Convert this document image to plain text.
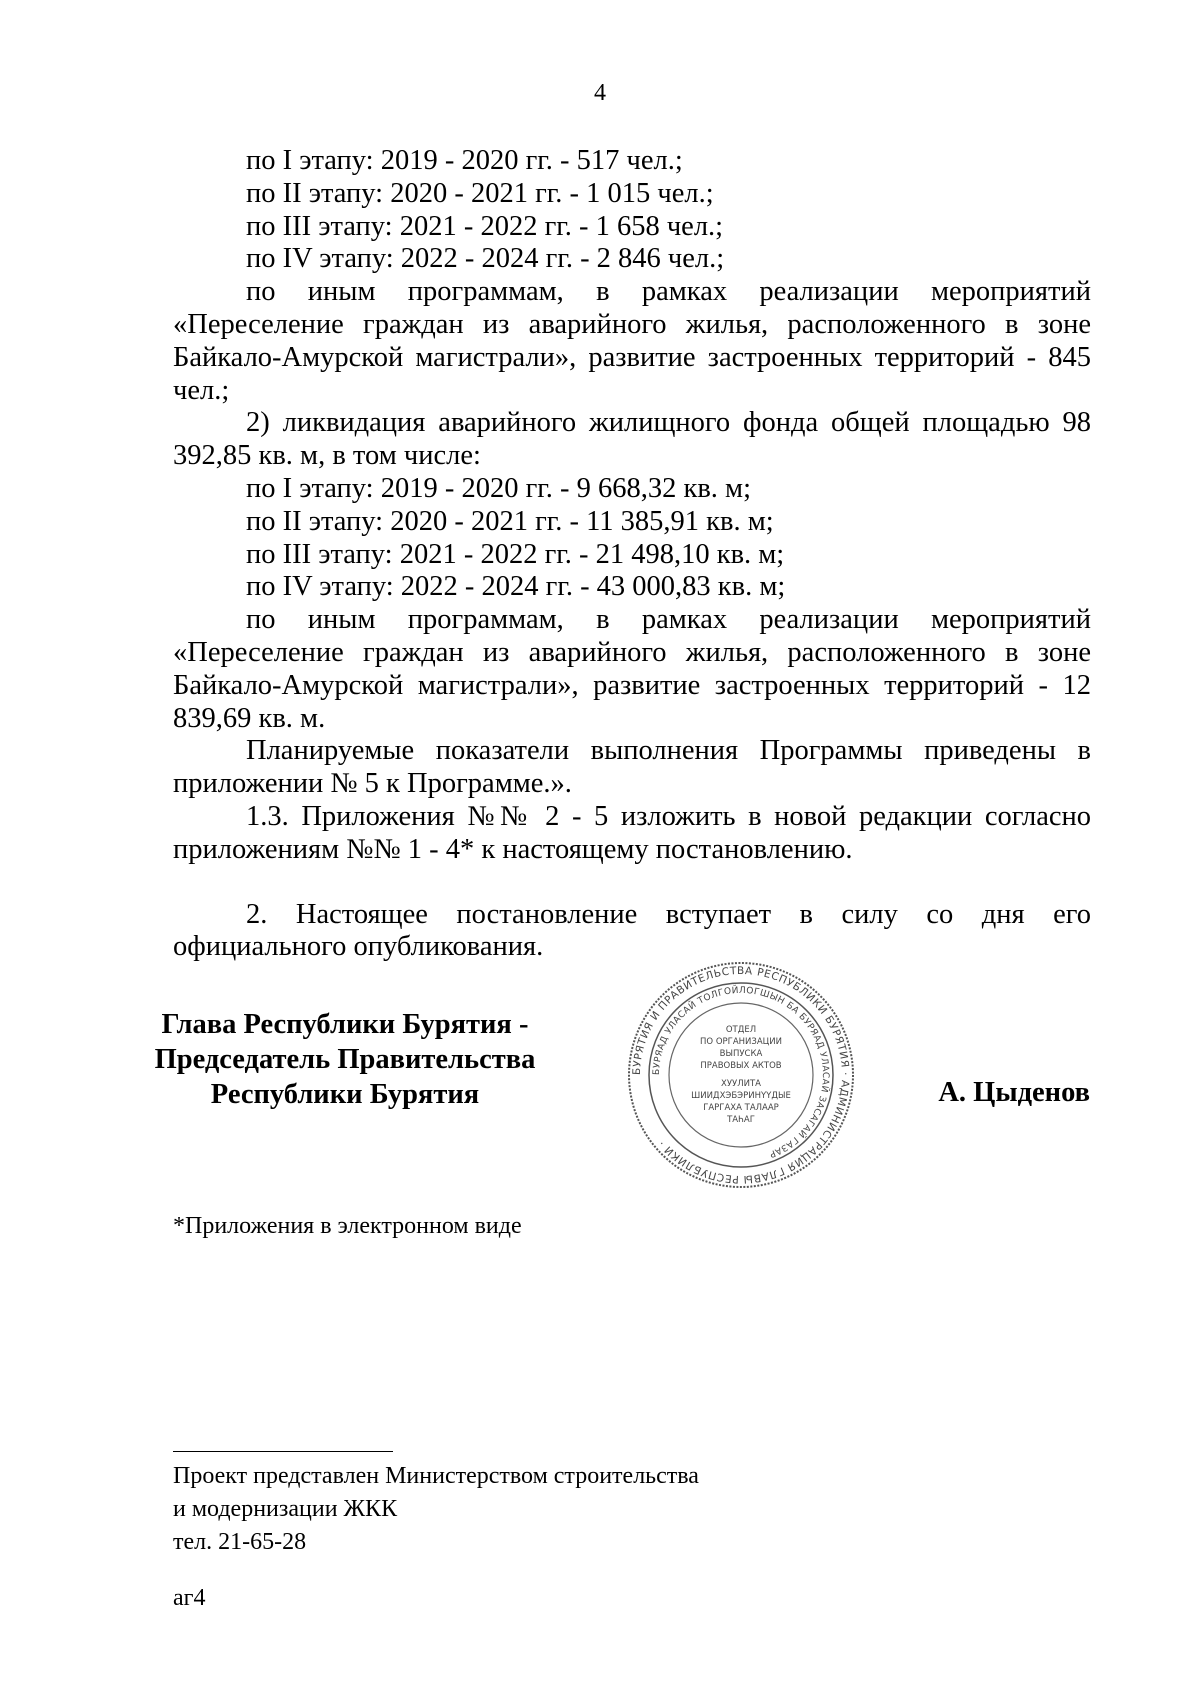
4

по I этапу: 2019 - 2020 гг. - 517 чел.;

по II этапу: 2020 - 2021 гг. - 1 015 чел.;

по III этапу: 2021 - 2022 гг. - 1 658 чел.;

по IV этапу: 2022 - 2024 гг. - 2 846 чел.;

по иным программам, в рамках реализации мероприятий «Переселение граждан из аварийного жилья, расположенного в зоне Байкало-Амурской магистрали», развитие застроенных территорий - 845 чел.;

2) ликвидация аварийного жилищного фонда общей площадью 98 392,85 кв. м, в том числе:

по I этапу: 2019 - 2020 гг. - 9 668,32 кв. м;

по II этапу: 2020 - 2021 гг. - 11 385,91 кв. м;

по III этапу: 2021 - 2022 гг. - 21 498,10 кв. м;

по IV этапу: 2022 - 2024 гг. - 43 000,83 кв. м;

по иным программам, в рамках реализации мероприятий «Переселение граждан из аварийного жилья, расположенного в зоне Байкало-Амурской магистрали», развитие застроенных территорий - 12 839,69 кв. м.

Планируемые показатели выполнения Программы приведены в приложении № 5 к Программе.».

1.3. Приложения №№ 2 - 5 изложить в новой редакции согласно приложениям №№ 1 - 4* к настоящему постановлению.

2. Настоящее постановление вступает в силу со дня его официального опубликования.

Глава Республики Бурятия -
Председатель Правительства
Республики Бурятия
БУРЯТИЯ И ПРАВИТЕЛЬСТВА РЕСПУБЛИКИ БУРЯТИЯ · АДМИНИСТРАЦИЯ ГЛАВЫ РЕСПУБЛИКИ ·
БУРЯАД УЛАСАЙ ТОЛГОЙЛОГШЫН БА БУРЯАД УЛАСАЙ ЗАСАГАЙ ГАЗАР
ОТДЕЛ
ПО ОРГАНИЗАЦИИ
ВЫПУСКА
ПРАВОВЫХ АКТОВ
ХУУЛИТА
ШИИДХЭБЭРИНҮҮДЫЕ
ГАРГАХА ТАЛААР
ТАҺАГ
А. Цыденов
*Приложения в электронном виде
Проект представлен Министерством строительства
и модернизации ЖКК
тел. 21-65-28
аг4
